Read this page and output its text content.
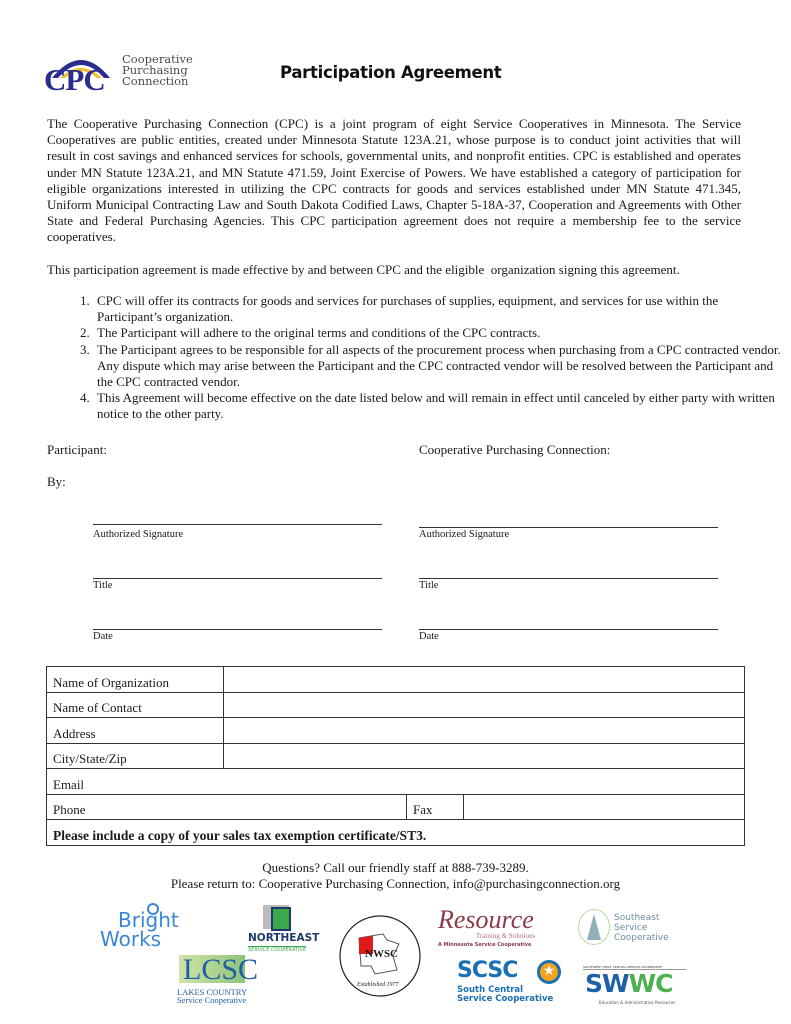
CPC
Cooperative
Purchasing
Connection	Participation Agreement
The Cooperative Purchasing Connection (CPC) is a joint program of eight Service Cooperatives in Minnesota. The Service Cooperatives are public entities, created under Minnesota Statute 123A.21, whose purpose is to conduct joint activities that will result in cost savings and enhanced services for schools, governmental units, and nonprofit entities. CPC is established and operates under MN Statute 123A.21, and MN Statute 471.59, Joint Exercise of Powers. We have established a category of participation for eligible organizations interested in utilizing the CPC contracts for goods and services established under MN Statute 471.345, Uniform Municipal Contracting Law and South Dakota Codified Laws, Chapter 5-18A-37, Cooperation and Agreements with Other State and Federal Purchasing Agencies. This CPC participation agreement does not require a membership fee to the service cooperatives.
This participation agreement is made effective by and between CPC and the eligible  organization signing this agreement.
1. CPC will offer its contracts for goods and services for purchases of supplies, equipment, and services for use within the Participant’s organization.
2. The Participant will adhere to the original terms and conditions of the CPC contracts.
3. The Participant agrees to be responsible for all aspects of the procurement process when purchasing from a CPC contracted vendor. Any dispute which may arise between the Participant and the CPC contracted vendor will be resolved between the Participant and the CPC contracted vendor.
4. This Agreement will become effective on the date listed below and will remain in effect until canceled by either party with written notice to the other party.
Participant:	Cooperative Purchasing Connection:
By:
Authorized Signature	Authorized Signature
Title	Title
Date	Date
Name of Organization			
Name of Contact			
Address			
City/State/Zip			
Email			
Phone		Fax	
Please include a copy of your sales tax exemption certificate/ST3.			
Questions? Call our friendly staff at 888-739-3289.
Please return to: Cooperative Purchasing Connection, info@purchasingconnection.org
Bright
Works	NORTHEAST
SERVICE COOPERATIVE
LCSC
LAKES COUNTRY
Service Cooperative
NWSC
Established 1977
Resource
Training & Solutions
A Minnesota Service Cooperative
SCSC	★
South Central
Service Cooperative
Southeast
Service
Cooperative
SOUTHWEST WEST CENTRAL SERVICE COOPERATIVE
SWWC
Education & Administrative Resources
